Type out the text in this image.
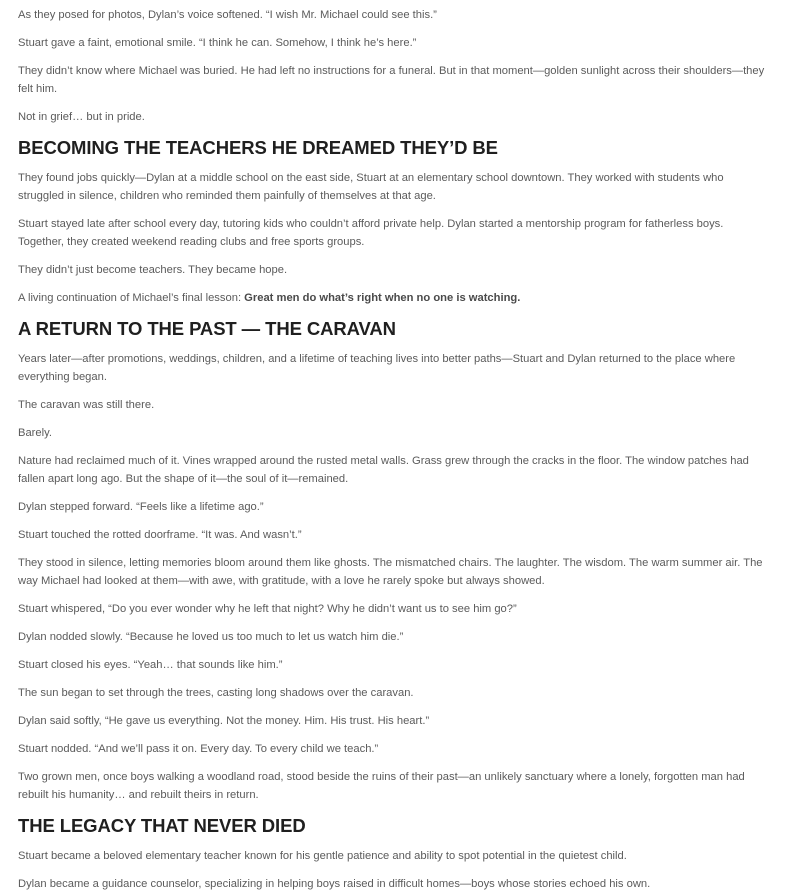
As they posed for photos, Dylan’s voice softened. “I wish Mr. Michael could see this.”

Stuart gave a faint, emotional smile. “I think he can. Somehow, I think he’s here.”

They didn’t know where Michael was buried. He had left no instructions for a funeral. But in that moment—golden sunlight across their shoulders—they felt him.

Not in grief… but in pride.

BECOMING THE TEACHERS HE DREAMED THEY’D BE

They found jobs quickly—Dylan at a middle school on the east side, Stuart at an elementary school downtown. They worked with students who struggled in silence, children who reminded them painfully of themselves at that age.

Stuart stayed late after school every day, tutoring kids who couldn’t afford private help. Dylan started a mentorship program for fatherless boys. Together, they created weekend reading clubs and free sports groups.

They didn’t just become teachers. They became hope.

A living continuation of Michael’s final lesson: Great men do what’s right when no one is watching.

A RETURN TO THE PAST — THE CARAVAN

Years later—after promotions, weddings, children, and a lifetime of teaching lives into better paths—Stuart and Dylan returned to the place where everything began.

The caravan was still there.

Barely.

Nature had reclaimed much of it. Vines wrapped around the rusted metal walls. Grass grew through the cracks in the floor. The window patches had fallen apart long ago. But the shape of it—the soul of it—remained.

Dylan stepped forward. “Feels like a lifetime ago.”

Stuart touched the rotted doorframe. “It was. And wasn’t.”

They stood in silence, letting memories bloom around them like ghosts. The mismatched chairs. The laughter. The wisdom. The warm summer air. The way Michael had looked at them—with awe, with gratitude, with a love he rarely spoke but always showed.

Stuart whispered, “Do you ever wonder why he left that night? Why he didn’t want us to see him go?”

Dylan nodded slowly. “Because he loved us too much to let us watch him die.”

Stuart closed his eyes. “Yeah… that sounds like him.”

The sun began to set through the trees, casting long shadows over the caravan.

Dylan said softly, “He gave us everything. Not the money. Him. His trust. His heart.”

Stuart nodded. “And we’ll pass it on. Every day. To every child we teach.”

Two grown men, once boys walking a woodland road, stood beside the ruins of their past—an unlikely sanctuary where a lonely, forgotten man had rebuilt his humanity… and rebuilt theirs in return.

THE LEGACY THAT NEVER DIED

Stuart became a beloved elementary teacher known for his gentle patience and ability to spot potential in the quietest child.

Dylan became a guidance counselor, specializing in helping boys raised in difficult homes—boys whose stories echoed his own.
